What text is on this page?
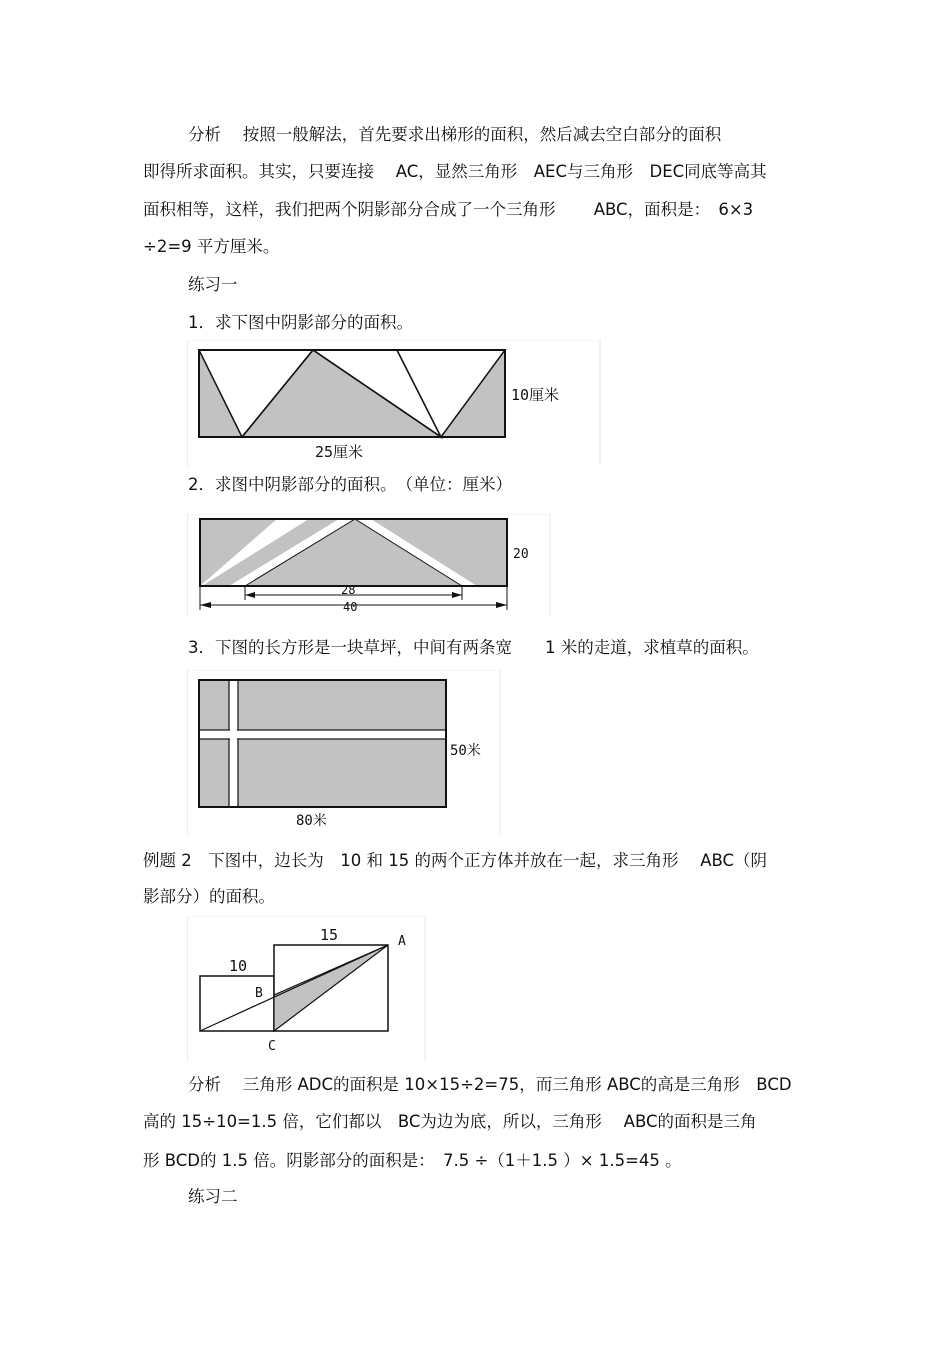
分析　 按照一般解法，首先要求出梯形的面积，然后减去空白部分的面积
即得所求面积。其实，只要连接　 AC，显然三角形　AEC与三角形　DEC同底等高其
面积相等，这样，我们把两个阴影部分合成了一个三角形　　 ABC，面积是：　6×3
÷2=9 平方厘米。
练习一
1．求下图中阴影部分的面积。
10厘米
25厘米
2．求图中阴影部分的面积。　（单位：厘米）
20
28
40
3．下图的长方形是一块草坪，中间有两条宽　　1 米的走道，求植草的面积。
50米
80米
例题 2　下图中，边长为　10 和 15 的两个正方体并放在一起，求三角形　 ABC（阴
影部分）的面积。
10
15	A
B
C
分析　 三角形 ADC的面积是 10×15÷2=75，而三角形 ABC的高是三角形　BCD
高的 15÷10=1.5 倍，它们都以　BC为边为底，所以，三角形　 ABC的面积是三角
形 BCD的 1.5 倍。阴影部分的面积是：　7.5 ÷（1＋1.5 ）× 1.5=45 。
练习二
